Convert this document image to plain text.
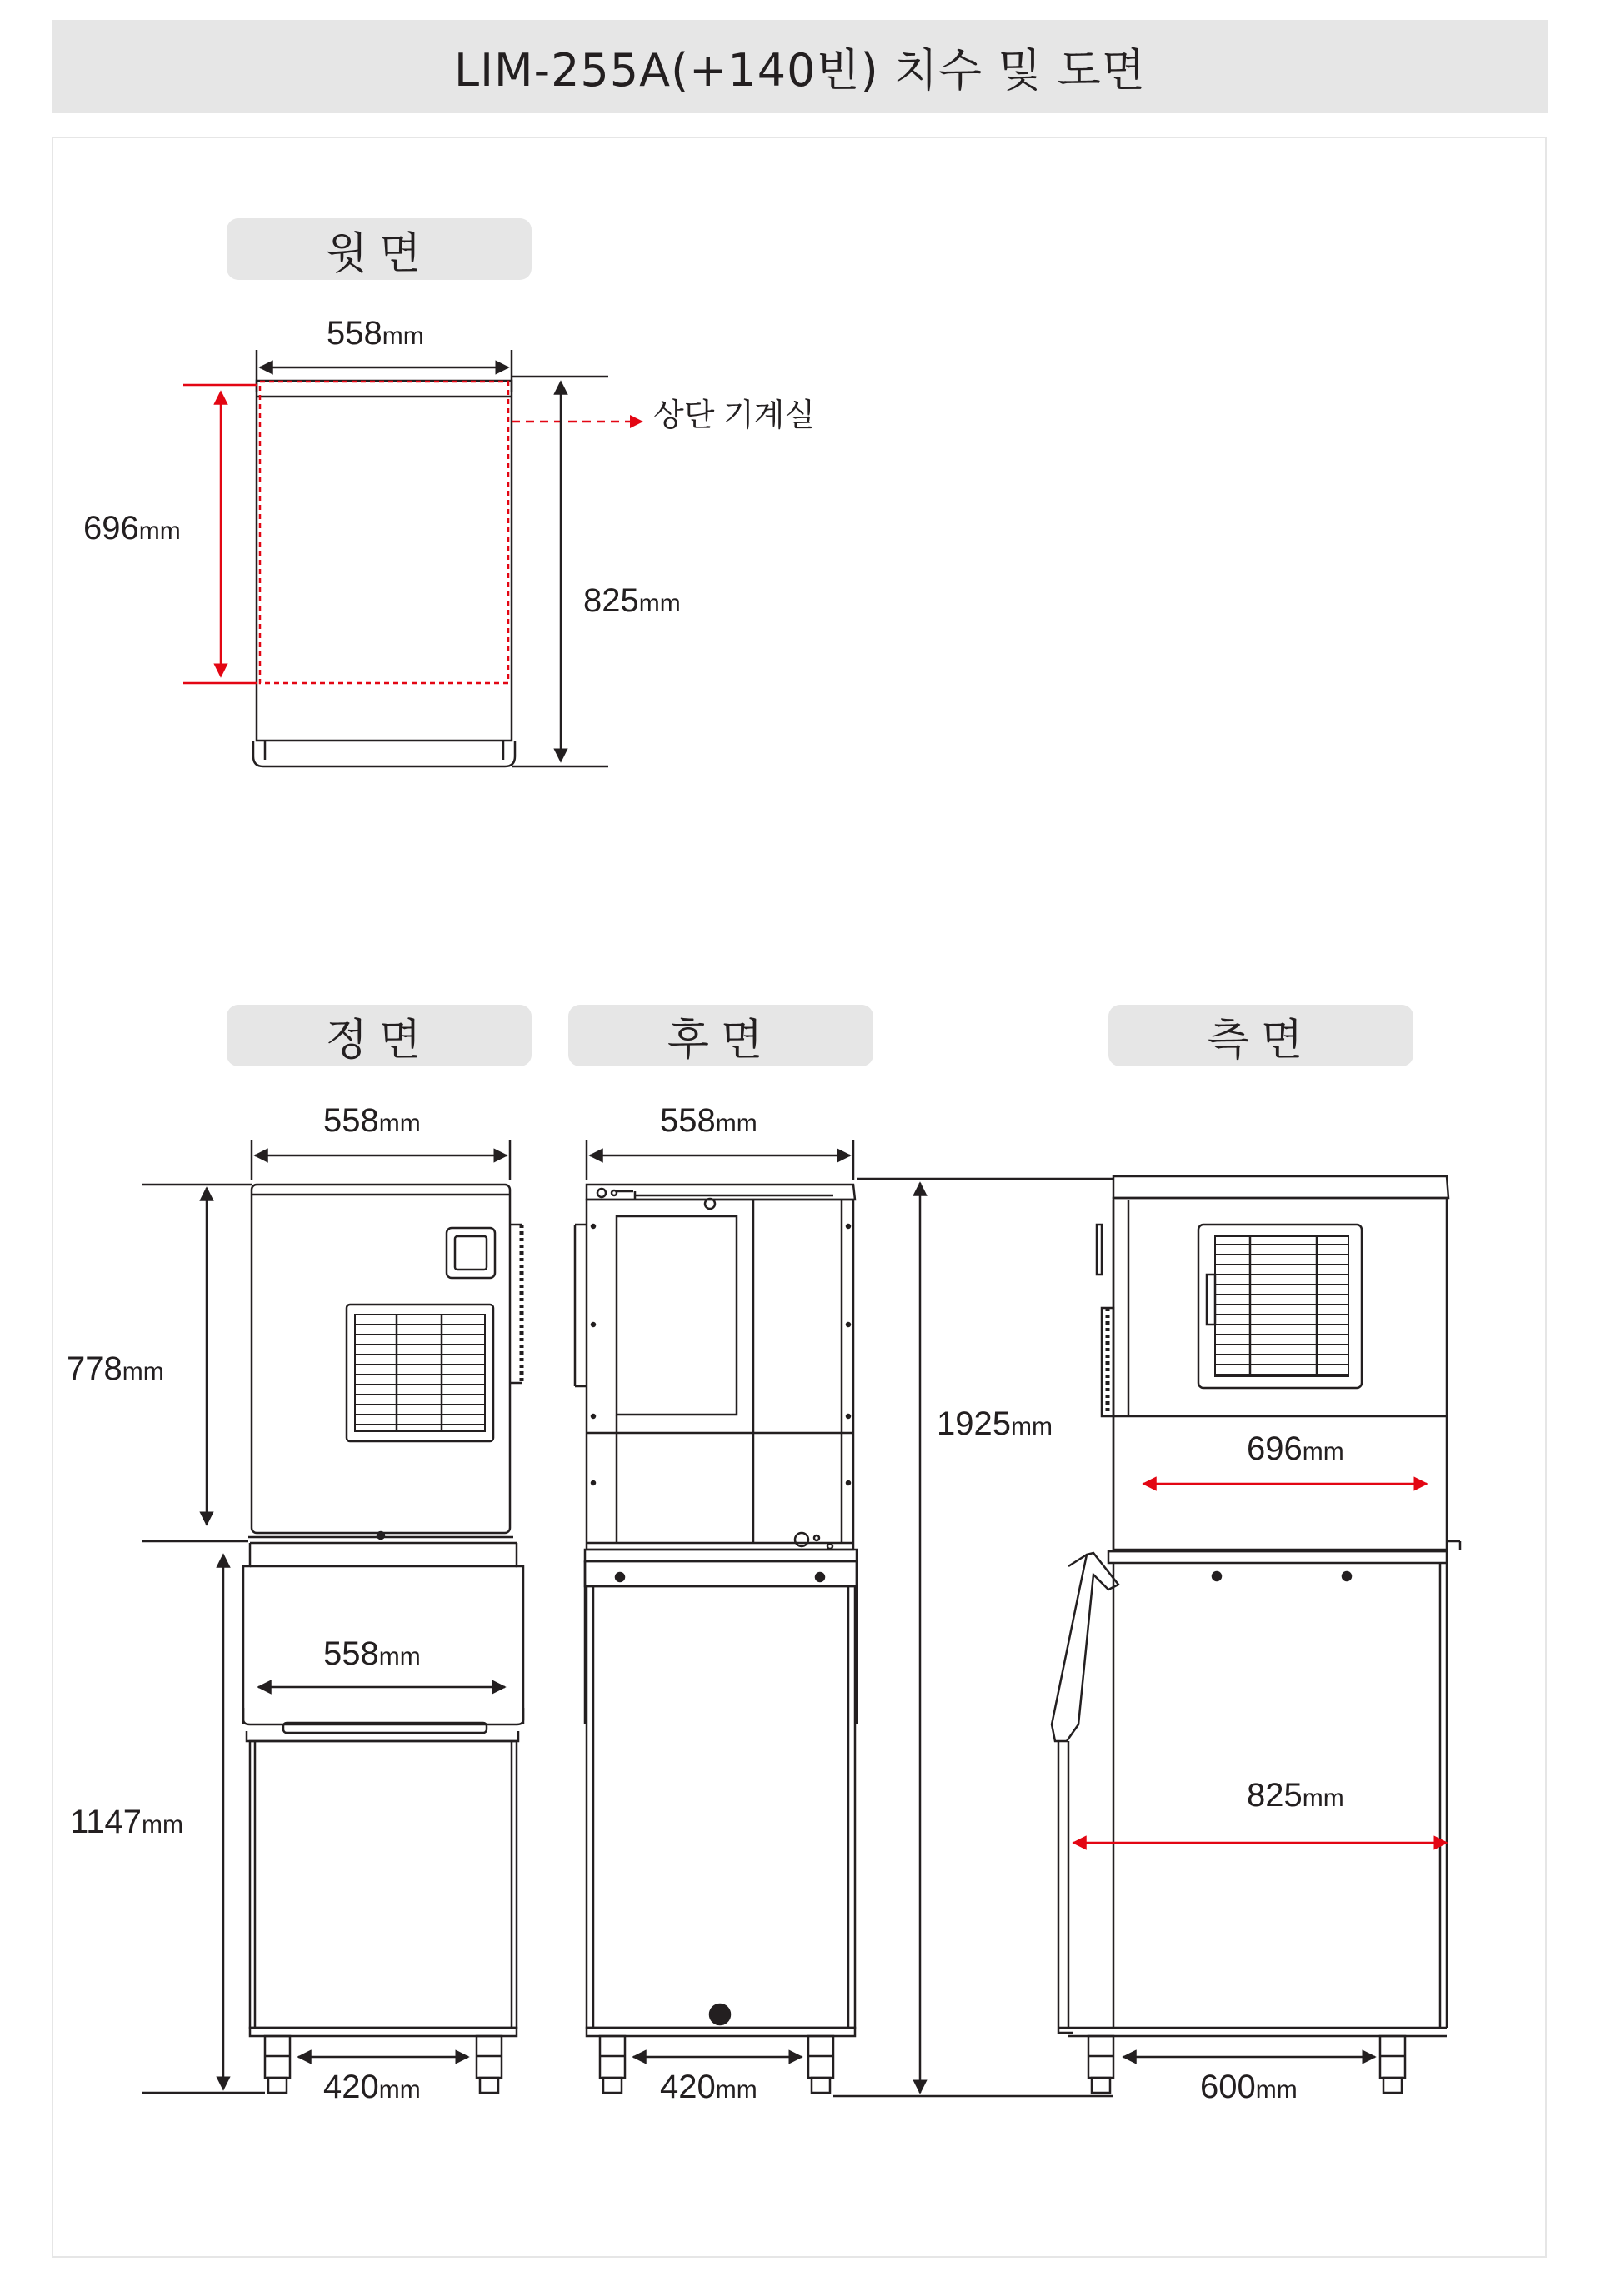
LIM-255A(+140빈) 치수 및 도면
윗면
정면	후면	측면
558mm
696mm
825mm
상단 기계실
558mm
778mm
558mm
1147mm
420mm
558mm
420mm
1925mm
696mm
825mm
600mm
